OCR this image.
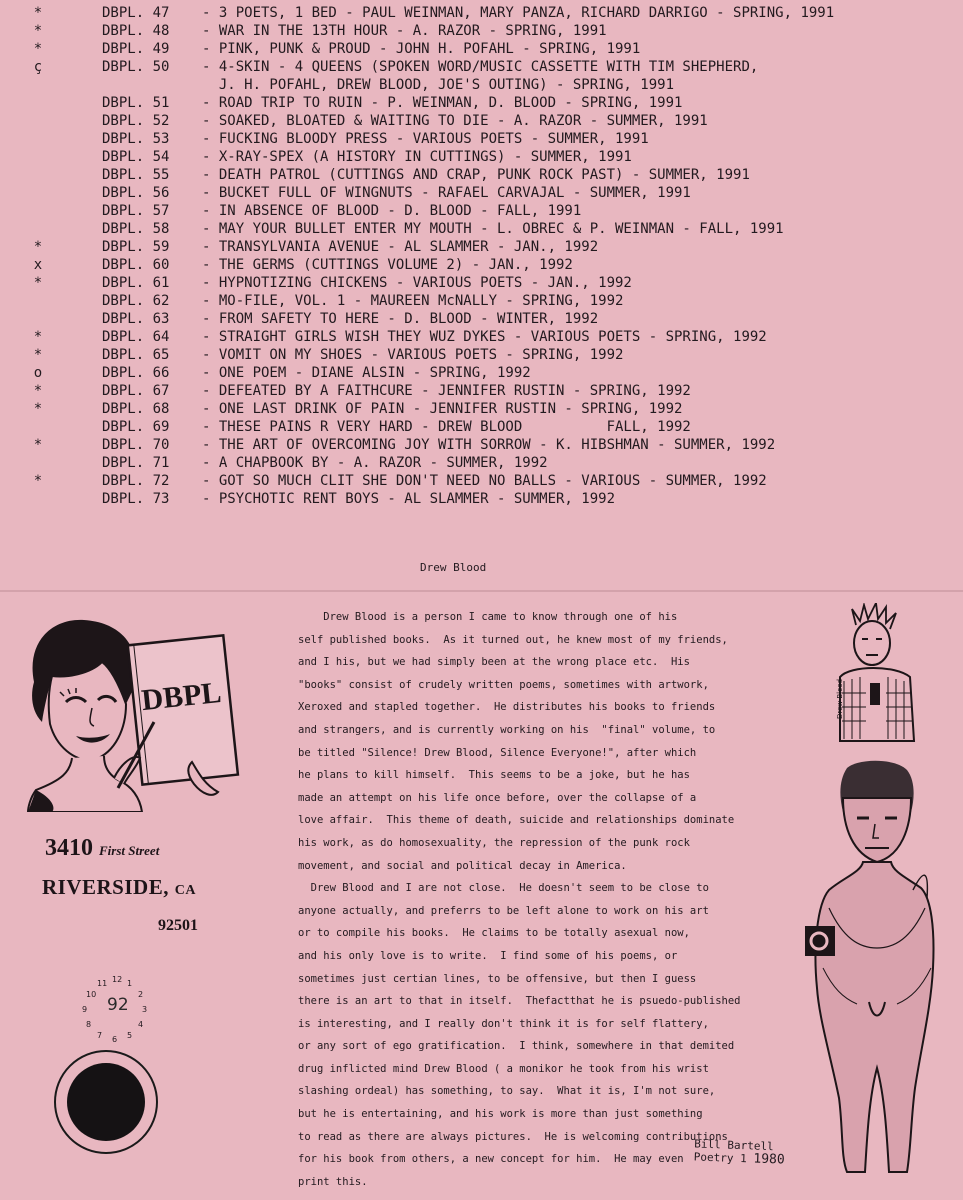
*	DBPL. 47 - 3 POETS, 1 BED - PAUL WEINMAN, MARY PANZA, RICHARD DARRIGO - SPRING, 1991
*	DBPL. 48 - WAR IN THE 13TH HOUR - A. RAZOR - SPRING, 1991
*	DBPL. 49 - PINK, PUNK & PROUD - JOHN H. POFAHL - SPRING, 1991
ç	DBPL. 50 - 4-SKIN - 4 QUEENS (SPOKEN WORD/MUSIC CASSETTE WITH TIM SHEPHERD,
J. H. POFAHL, DREW BLOOD, JOE'S OUTING) - SPRING, 1991
DBPL. 51 - ROAD TRIP TO RUIN - P. WEINMAN, D. BLOOD - SPRING, 1991
DBPL. 52 - SOAKED, BLOATED & WAITING TO DIE - A. RAZOR - SUMMER, 1991
DBPL. 53 - FUCKING BLOODY PRESS - VARIOUS POETS - SUMMER, 1991
DBPL. 54 - X-RAY-SPEX (A HISTORY IN CUTTINGS) - SUMMER, 1991
DBPL. 55 - DEATH PATROL (CUTTINGS AND CRAP, PUNK ROCK PAST) - SUMMER, 1991
DBPL. 56 - BUCKET FULL OF WINGNUTS - RAFAEL CARVAJAL - SUMMER, 1991
DBPL. 57 - IN ABSENCE OF BLOOD - D. BLOOD - FALL, 1991
DBPL. 58 - MAY YOUR BULLET ENTER MY MOUTH - L. OBREC & P. WEINMAN - FALL, 1991
*	DBPL. 59 - TRANSYLVANIA AVENUE - AL SLAMMER - JAN., 1992
x	DBPL. 60 - THE GERMS (CUTTINGS VOLUME 2) - JAN., 1992
*	DBPL. 61 - HYPNOTIZING CHICKENS - VARIOUS POETS - JAN., 1992
DBPL. 62 - MO-FILE, VOL. 1 - MAUREEN McNALLY - SPRING, 1992
DBPL. 63 - FROM SAFETY TO HERE - D. BLOOD - WINTER, 1992
*	DBPL. 64 - STRAIGHT GIRLS WISH THEY WUZ DYKES - VARIOUS POETS - SPRING, 1992
*	DBPL. 65 - VOMIT ON MY SHOES - VARIOUS POETS - SPRING, 1992
o	DBPL. 66 - ONE POEM - DIANE ALSIN - SPRING, 1992
*	DBPL. 67 - DEFEATED BY A FAITHCURE - JENNIFER RUSTIN - SPRING, 1992
*	DBPL. 68 - ONE LAST DRINK OF PAIN - JENNIFER RUSTIN - SPRING, 1992
DBPL. 69 - THESE PAINS R VERY HARD - DREW BLOOD          FALL, 1992
*	DBPL. 70 - THE ART OF OVERCOMING JOY WITH SORROW - K. HIBSHMAN - SUMMER, 1992
DBPL. 71 - A CHAPBOOK BY - A. RAZOR - SUMMER, 1992
*	DBPL. 72 - GOT SO MUCH CLIT SHE DON'T NEED NO BALLS - VARIOUS - SUMMER, 1992
DBPL. 73 - PSYCHOTIC RENT BOYS - AL SLAMMER - SUMMER, 1992
Drew Blood
DBPL
3410 First Street
RIVERSIDE, CA
92501
92
12 1
2
3
4
5
6
7
8
9
10
11

Drew Blood is a person I came to know through one of his

self published books.  As it turned out, he knew most of my friends,

and I his, but we had simply been at the wrong place etc.  His

"books" consist of crudely written poems, sometimes with artwork,

Xeroxed and stapled together.  He distributes his books to friends

and strangers, and is currently working on his  "final" volume, to

be titled "Silence! Drew Blood, Silence Everyone!", after which

he plans to kill himself.  This seems to be a joke, but he has

made an attempt on his life once before, over the collapse of a

love affair.  This theme of death, suicide and relationships dominate

his work, as do homosexuality, the repression of the punk rock

movement, and social and political decay in America.

Drew Blood and I are not close.  He doesn't seem to be close to

anyone actually, and preferrs to be left alone to work on his art

or to compile his books.  He claims to be totally asexual now,

and his only love is to write.  I find some of his poems, or

sometimes just certian lines, to be offensive, but then I guess

there is an art to that in itself.  Thefactthat he is psuedo-published

is interesting, and I really don't think it is for self flattery,

or any sort of ego gratification.  I think, somewhere in that demited

drug inflicted mind Drew Blood ( a monikor he took from his wrist

slashing ordeal) has something, to say.  What it is, I'm not sure,

but he is entertaining, and his work is more than just something

to read as there are always pictures.  He is welcoming contributions

for his book from others, a new concept for him.  He may even

print this.

Drew Blood
Bill Bartell
Poetry 1 1980
